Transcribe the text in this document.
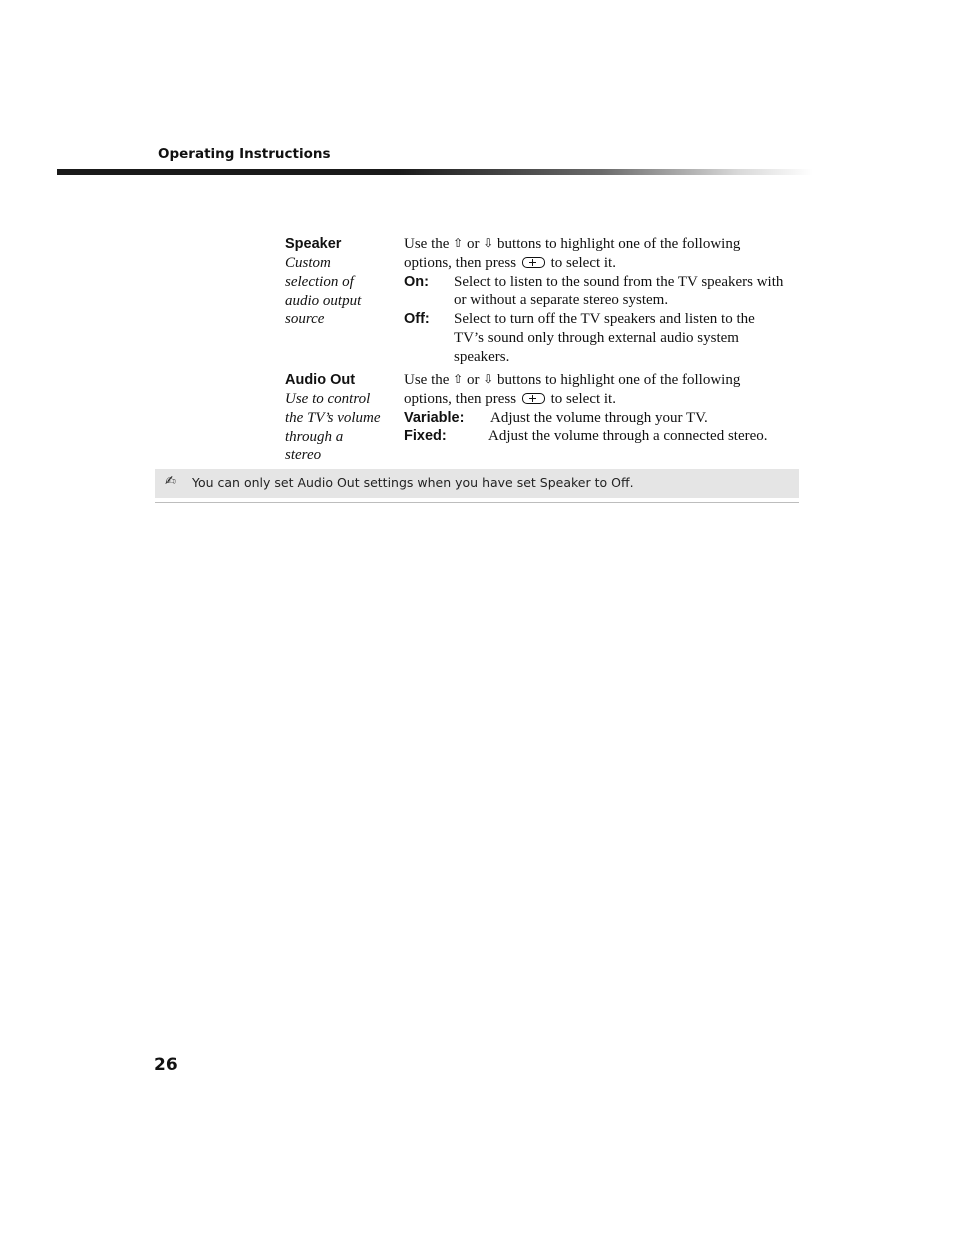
Operating Instructions

Speaker

Custom

selection of

audio output

source

Use the ⇧ or ⇩ buttons to highlight one of the following

options, then press to select it.

On:	Select to listen to the sound from the TV speakers with or without a separate stereo system.
Off:	Select to turn off the TV speakers and listen to the TV’s sound only through external audio system speakers.

Audio Out

Use to control

the TV’s volume

through a

stereo

Use the ⇧ or ⇩ buttons to highlight one of the following

options, then press to select it.

Variable:	Adjust the volume through your TV.
Fixed:	Adjust the volume through a connected stereo.
✍ You can only set Audio Out settings when you have set Speaker to Off.
26
